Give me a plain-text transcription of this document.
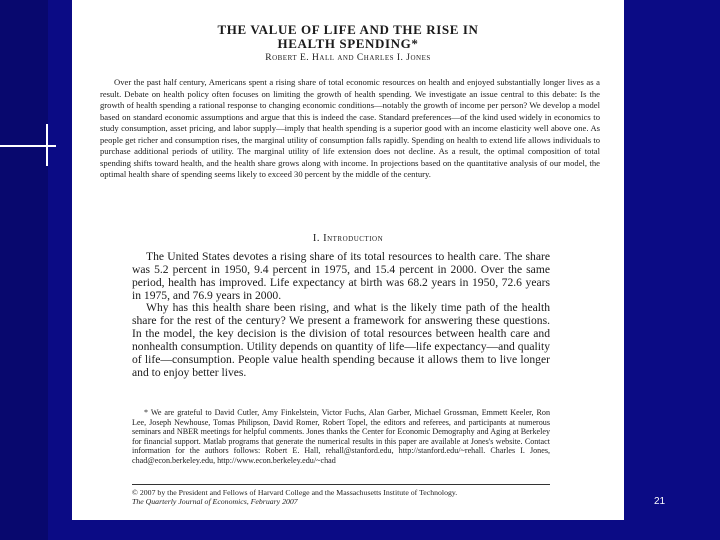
THE VALUE OF LIFE AND THE RISE IN
HEALTH SPENDING*
Robert E. Hall and Charles I. Jones
Over the past half century, Americans spent a rising share of total economic resources on health and enjoyed substantially longer lives as a result. Debate on health policy often focuses on limiting the growth of health spending. We investigate an issue central to this debate: Is the growth of health spending a rational response to changing economic conditions—notably the growth of income per person? We develop a model based on standard economic assumptions and argue that this is indeed the case. Standard preferences—of the kind used widely in economics to study consumption, asset pricing, and labor supply—imply that health spending is a superior good with an income elasticity well above one. As people get richer and consumption rises, the marginal utility of consumption falls rapidly. Spending on health to extend life allows individuals to purchase additional periods of utility. The marginal utility of life extension does not decline. As a result, the optimal composition of total spending shifts toward health, and the health share grows along with income. In projections based on the quantitative analysis of our model, the optimal health share of spending seems likely to exceed 30 percent by the middle of the century.
I. Introduction

The United States devotes a rising share of its total resources to health care. The share was 5.2 percent in 1950, 9.4 percent in 1975, and 15.4 percent in 2000. Over the same period, health has improved. Life expectancy at birth was 68.2 years in 1950, 72.6 years in 1975, and 76.9 years in 2000.

Why has this health share been rising, and what is the likely time path of the health share for the rest of the century? We present a framework for answering these questions. In the model, the key decision is the division of total resources between health care and nonhealth consumption. Utility depends on quantity of life—life expectancy—and quality of life—consumption. People value health spending because it allows them to live longer and to enjoy better lives.

* We are grateful to David Cutler, Amy Finkelstein, Victor Fuchs, Alan Garber, Michael Grossman, Emmett Keeler, Ron Lee, Joseph Newhouse, Tomas Philipson, David Romer, Robert Topel, the editors and referees, and participants at numerous seminars and NBER meetings for helpful comments. Jones thanks the Center for Economic Demography and Aging at Berkeley for financial support. Matlab programs that generate the numerical results in this paper are available at Jones's website. Contact information for the authors follows: Robert E. Hall, rehall@stanford.edu, http://stanford.edu/~rehall. Charles I. Jones, chad@econ.berkeley.edu, http://www.econ.berkeley.edu/~chad
© 2007 by the President and Fellows of Harvard College and the Massachusetts Institute of Technology.
The Quarterly Journal of Economics, February 2007	21
